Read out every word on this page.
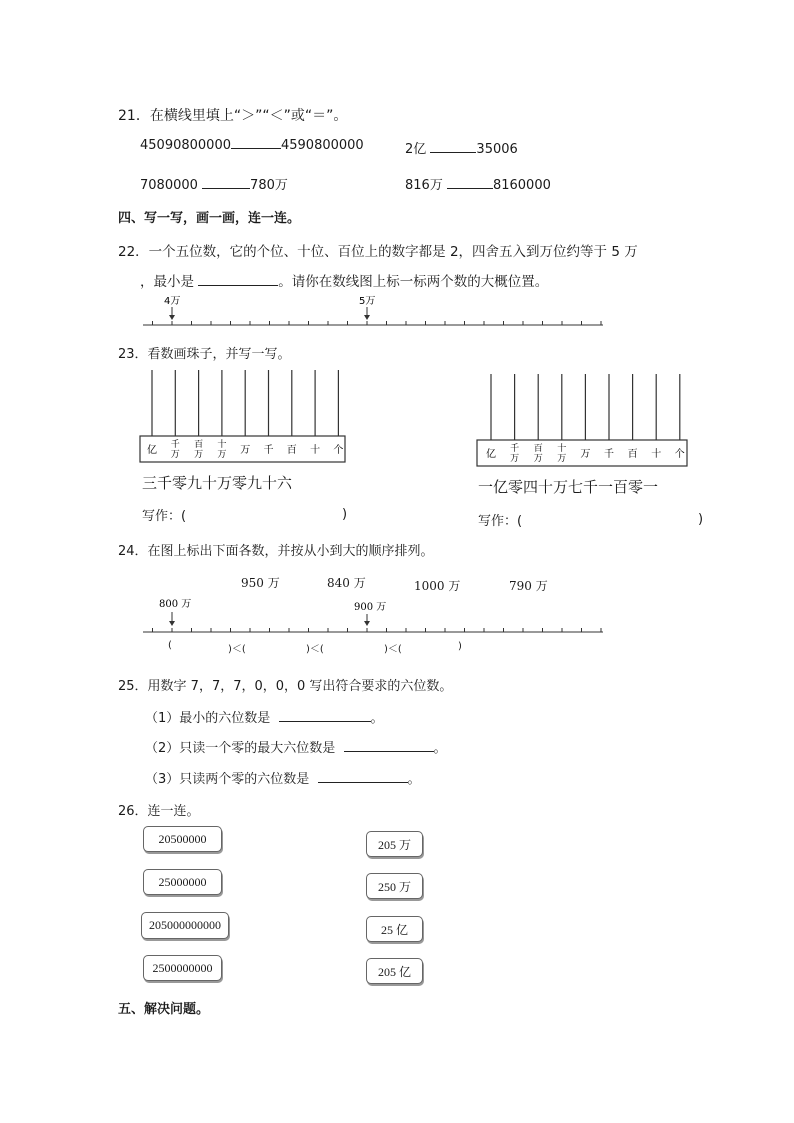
21．在横线里填上“＞”“＜”或“＝”。
45090800000	4590800000	2亿	35006
7080000	780万	816万	8160000
四、写一写，画一画，连一连。
22．一个五位数，它的个位、十位、百位上的数字都是 2，四舍五入到万位约等于 5 万
，最小是	。请你在数线图上标一标两个数的大概位置。
4万	5万
23．看数画珠子，并写一写。
亿 千
万
百
万
十
万 万 千 百 十 个
三千零九十万零九十六
写作：(	)
亿 千
万
百
万
十
万 万 千 百 十 个
一亿零四十万七千一百零一
写作：(	)
24．在图上标出下面各数，并按从小到大的顺序排列。
950 万	840 万	1000 万	790 万
800 万	900 万
(	)＜(	)＜(	)＜(	)
25．用数字 7，7，7，0，0，0 写出符合要求的六位数。
（1）最小的六位数是	。
（2）只读一个零的最大六位数是	。
（3）只读两个零的六位数是	。
26．连一连。
20500000
25000000
205000000000
2500000000
205 万
250 万
25 亿
205 亿
五、解决问题。
